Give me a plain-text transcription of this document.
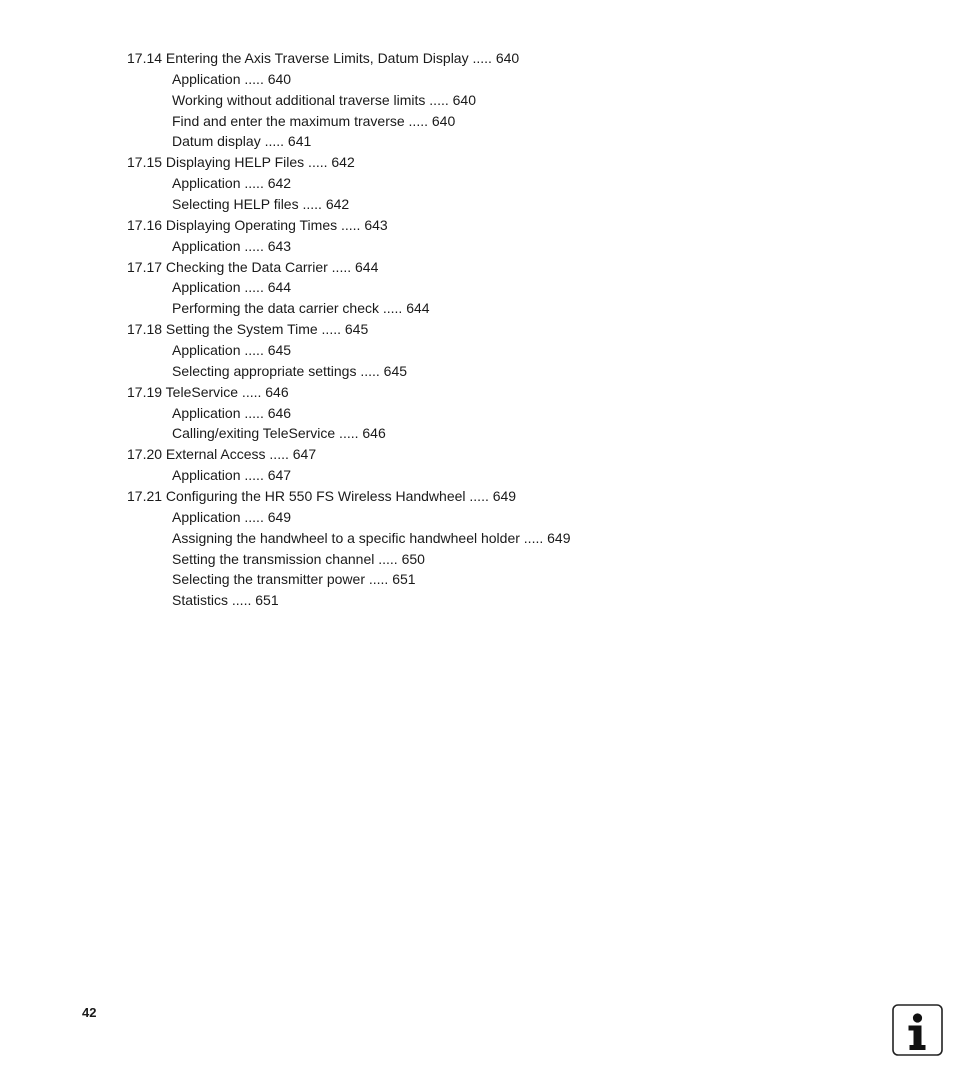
17.14 Entering the Axis Traverse Limits, Datum Display ..... 640
Application ..... 640
Working without additional traverse limits ..... 640
Find and enter the maximum traverse ..... 640
Datum display ..... 641
17.15 Displaying HELP Files ..... 642
Application ..... 642
Selecting HELP files ..... 642
17.16 Displaying Operating Times ..... 643
Application ..... 643
17.17 Checking the Data Carrier ..... 644
Application ..... 644
Performing the data carrier check ..... 644
17.18 Setting the System Time ..... 645
Application ..... 645
Selecting appropriate settings ..... 645
17.19 TeleService ..... 646
Application ..... 646
Calling/exiting TeleService ..... 646
17.20 External Access ..... 647
Application ..... 647
17.21 Configuring the HR 550 FS Wireless Handwheel ..... 649
Application ..... 649
Assigning the handwheel to a specific handwheel holder ..... 649
Setting the transmission channel ..... 650
Selecting the transmitter power ..... 651
Statistics ..... 651
42
